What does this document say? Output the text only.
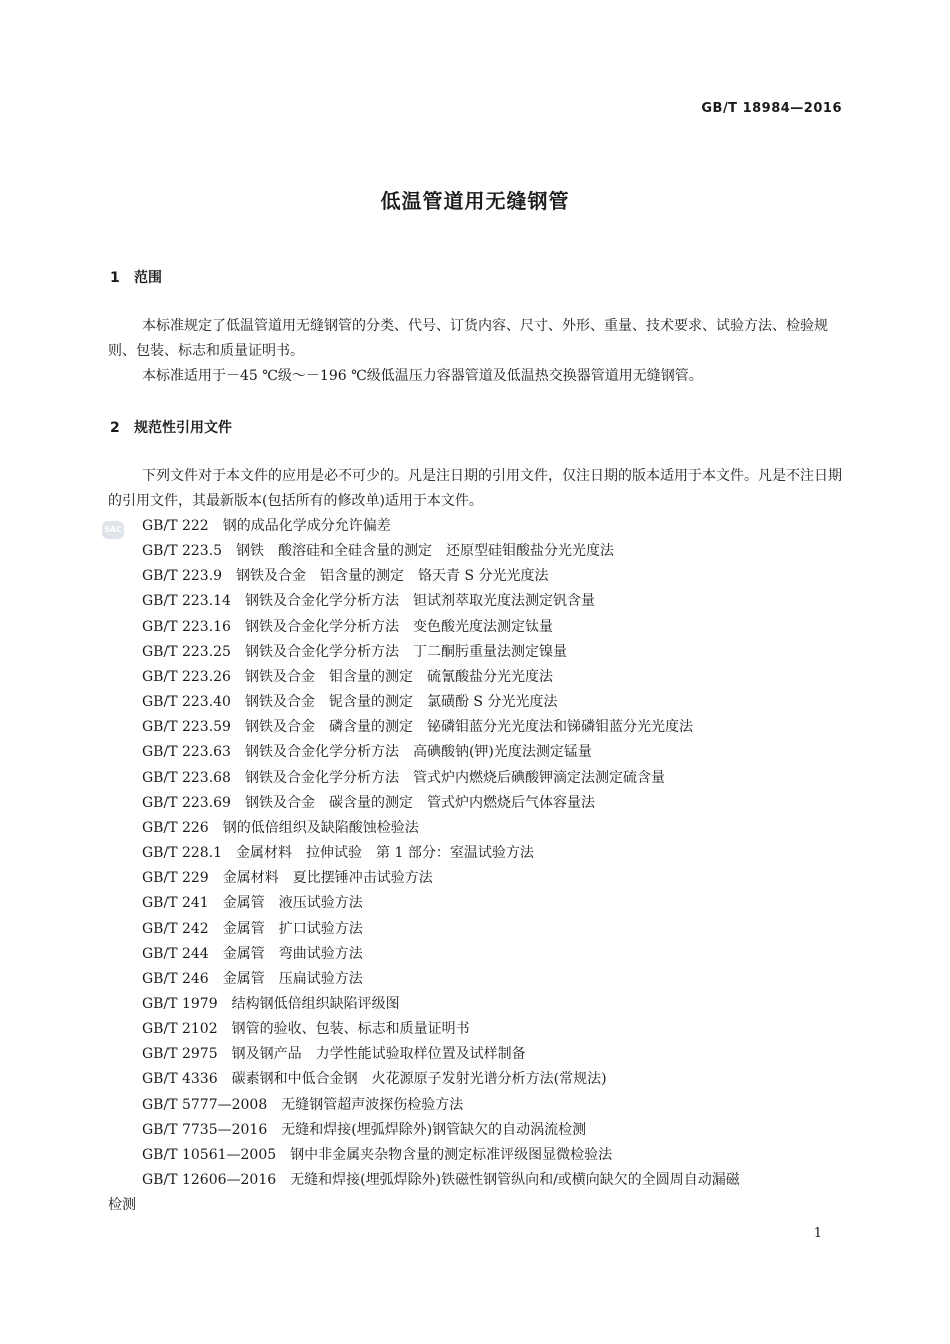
GB/T 18984—2016
低温管道用无缝钢管
1 范围
本标准规定了低温管道用无缝钢管的分类、代号、订货内容、尺寸、外形、重量、技术要求、试验方法、检验规则、包装、标志和质量证明书。
本标准适用于－45 ℃级～－196 ℃级低温压力容器管道及低温热交换器管道用无缝钢管。
2 规范性引用文件
下列文件对于本文件的应用是必不可少的。凡是注日期的引用文件，仅注日期的版本适用于本文件。凡是不注日期的引用文件，其最新版本(包括所有的修改单)适用于本文件。
SAC	GB/T 222　钢的成品化学成分允许偏差
GB/T 223.5　钢铁　酸溶硅和全硅含量的测定　还原型硅钼酸盐分光光度法
GB/T 223.9　钢铁及合金　铝含量的测定　铬天青 S 分光光度法
GB/T 223.14　钢铁及合金化学分析方法　钽试剂萃取光度法测定钒含量
GB/T 223.16　钢铁及合金化学分析方法　变色酸光度法测定钛量
GB/T 223.25　钢铁及合金化学分析方法　丁二酮肟重量法测定镍量
GB/T 223.26　钢铁及合金　钼含量的测定　硫氰酸盐分光光度法
GB/T 223.40　钢铁及合金　铌含量的测定　氯磺酚 S 分光光度法
GB/T 223.59　钢铁及合金　磷含量的测定　铋磷钼蓝分光光度法和锑磷钼蓝分光光度法
GB/T 223.63　钢铁及合金化学分析方法　高碘酸钠(钾)光度法测定锰量
GB/T 223.68　钢铁及合金化学分析方法　管式炉内燃烧后碘酸钾滴定法测定硫含量
GB/T 223.69　钢铁及合金　碳含量的测定　管式炉内燃烧后气体容量法
GB/T 226　钢的低倍组织及缺陷酸蚀检验法
GB/T 228.1　金属材料　拉伸试验　第 1 部分：室温试验方法
GB/T 229　金属材料　夏比摆锤冲击试验方法
GB/T 241　金属管　液压试验方法
GB/T 242　金属管　扩口试验方法
GB/T 244　金属管　弯曲试验方法
GB/T 246　金属管　压扁试验方法
GB/T 1979　结构钢低倍组织缺陷评级图
GB/T 2102　钢管的验收、包装、标志和质量证明书
GB/T 2975　钢及钢产品　力学性能试验取样位置及试样制备
GB/T 4336　碳素钢和中低合金钢　火花源原子发射光谱分析方法(常规法)
GB/T 5777—2008　无缝钢管超声波探伤检验方法
GB/T 7735—2016　无缝和焊接(埋弧焊除外)钢管缺欠的自动涡流检测
GB/T 10561—2005　钢中非金属夹杂物含量的测定标准评级图显微检验法
GB/T 12606—2016　无缝和焊接(埋弧焊除外)铁磁性钢管纵向和/或横向缺欠的全圆周自动漏磁
检测
1
